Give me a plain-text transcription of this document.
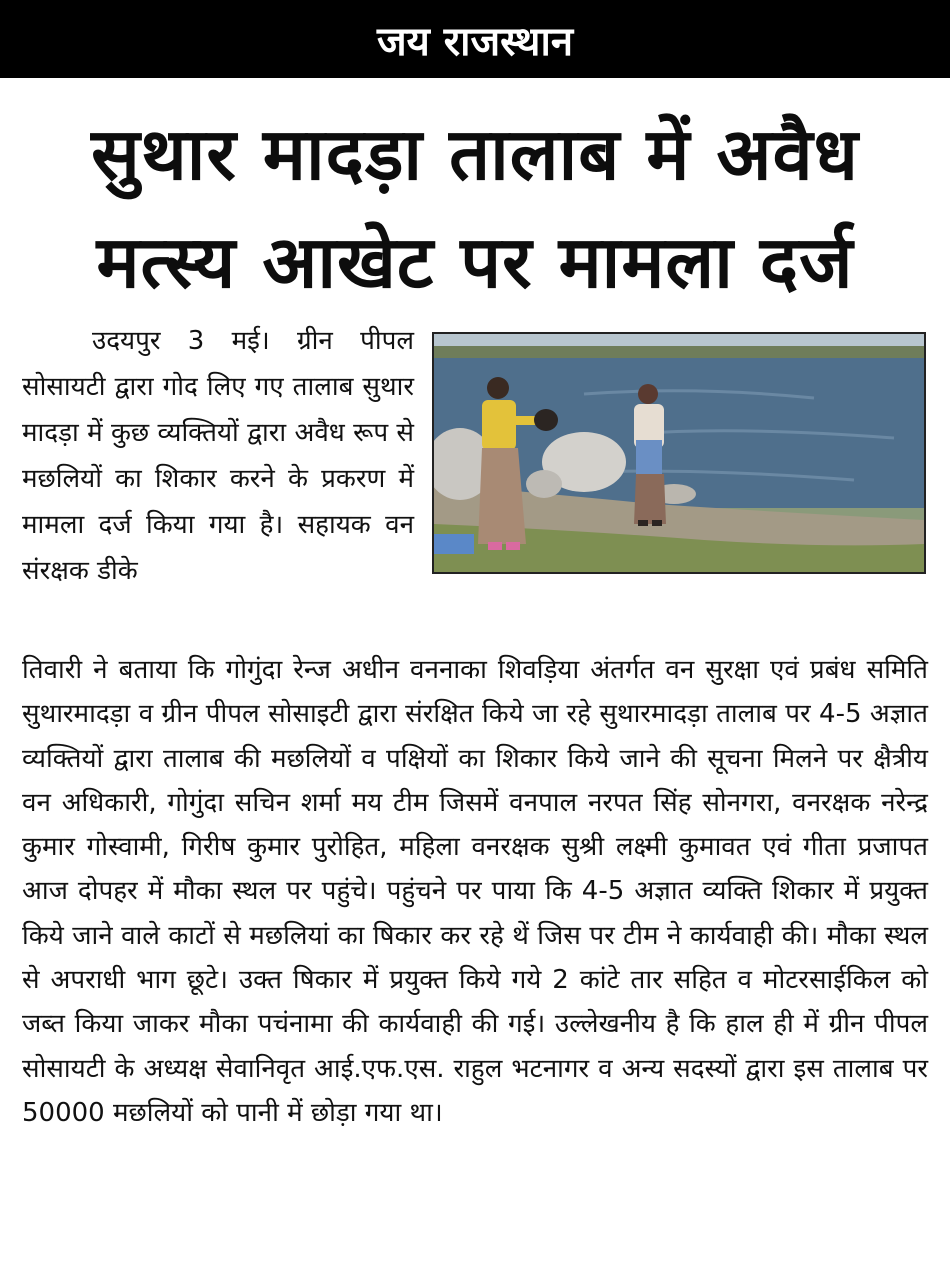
जय राजस्थान
सुथार मादड़ा तालाब में अवैध
मत्स्य आखेट पर मामला दर्ज

उदयपुर 3 मई। ग्रीन पीपल सोसायटी द्वारा गोद लिए गए तालाब सुथार मादड़ा में कुछ व्यक्तियों द्वारा अवैध रूप से मछलियों का शिकार करने के प्रकरण में मामला दर्ज किया गया है। सहायक वन संरक्षक डीके

तिवारी ने बताया कि गोगुंदा रेन्ज अधीन वननाका शिवड़िया अंतर्गत वन सुरक्षा एवं प्रबंध समिति सुथारमादड़ा व ग्रीन पीपल सोसाइटी द्वारा संरक्षित किये जा रहे सुथारमादड़ा तालाब पर 4-5 अज्ञात व्यक्तियों द्वारा तालाब की मछलियों व पक्षियों का शिकार किये जाने की सूचना मिलने पर क्षैत्रीय वन अधिकारी, गोगुंदा सचिन शर्मा मय टीम जिसमें वनपाल नरपत सिंह सोनगरा, वनरक्षक नरेन्द्र कुमार गोस्वामी, गिरीष कुमार पुरोहित, महिला वनरक्षक सुश्री लक्ष्मी कुमावत एवं गीता प्रजापत आज दोपहर में मौका स्थल पर पहुंचे। पहुंचने पर पाया कि 4-5 अज्ञात व्यक्ति शिकार में प्रयुक्त किये जाने वाले काटों से मछलियां का षिकार कर रहे थें जिस पर टीम ने कार्यवाही की। मौका स्थल से अपराधी भाग छूटे। उक्त षिकार में प्रयुक्त किये गये 2 कांटे तार सहित व मोटरसाईकिल को जब्त किया जाकर मौका पचंनामा की कार्यवाही की गई। उल्लेखनीय है कि हाल ही में ग्रीन पीपल सोसायटी के अध्यक्ष सेवानिवृत आई.एफ.एस. राहुल भटनागर व अन्य सदस्यों द्वारा इस तालाब पर 50000 मछलियों को पानी में छोड़ा गया था।
